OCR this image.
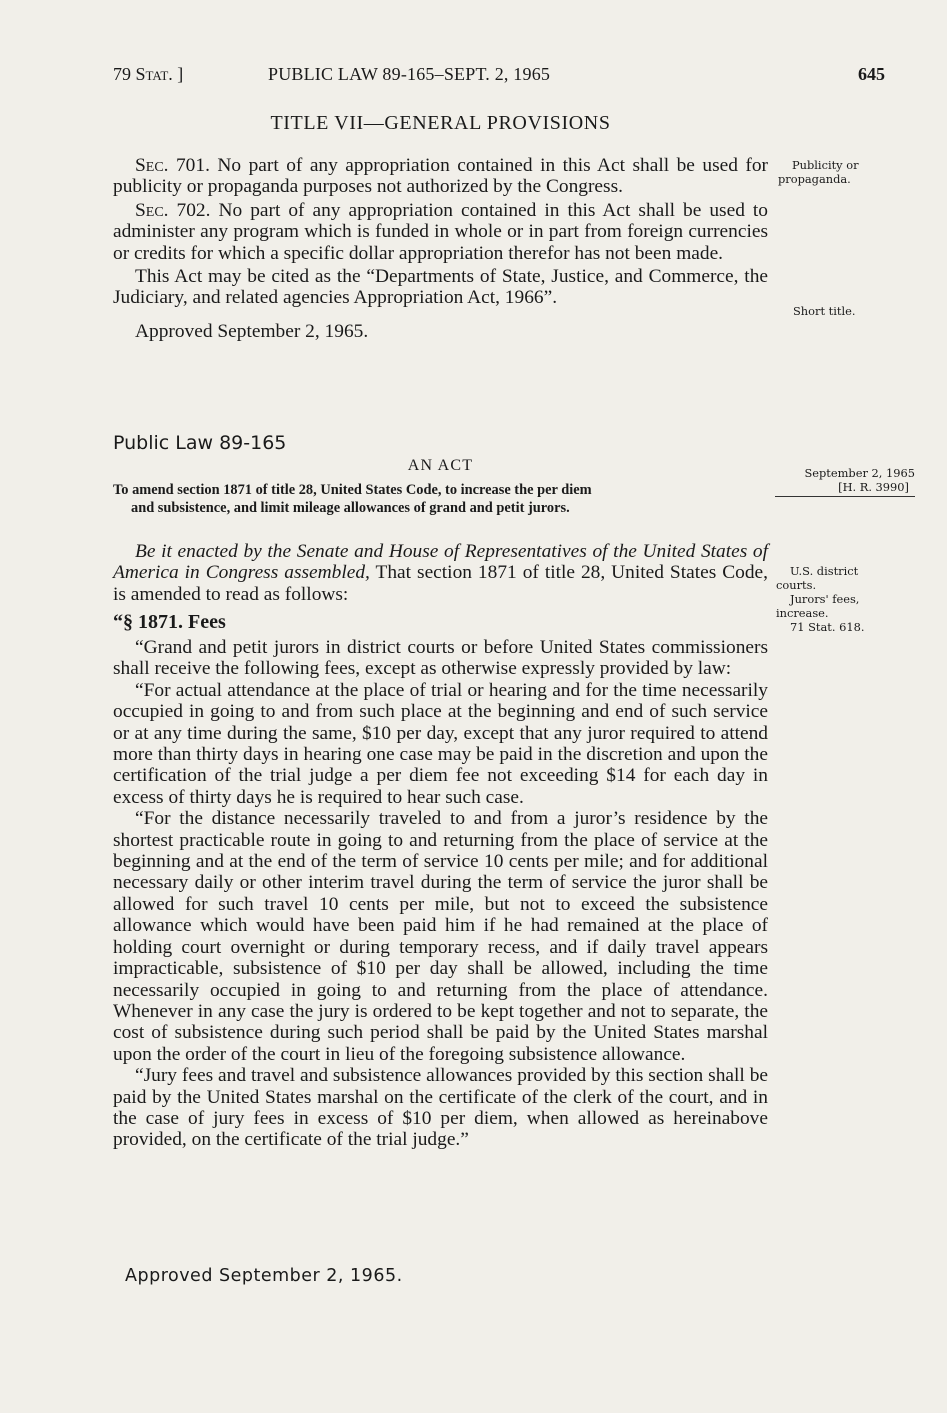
79 Stat. ]	PUBLIC LAW 89-165–SEPT. 2, 1965	645
TITLE VII—GENERAL PROVISIONS

Sec. 701. No part of any appropriation contained in this Act shall be used for publicity or propaganda purposes not authorized by the Congress.

Sec. 702. No part of any appropriation contained in this Act shall be used to administer any program which is funded in whole or in part from foreign currencies or credits for which a specific dollar appropriation therefor has not been made.

This Act may be cited as the “Departments of State, Justice, and Commerce, the Judiciary, and related agencies Appropriation Act, 1966”.

Approved September 2, 1965.

Public Law 89-165
AN ACT
To amend section 1871 of title 28, United States Code, to increase the per diem
and subsistence, and limit mileage allowances of grand and petit jurors.

Be it enacted by the Senate and House of Representatives of the United States of America in Congress assembled, That section 1871 of title 28, United States Code, is amended to read as follows:

“§ 1871. Fees

“Grand and petit jurors in district courts or before United States commissioners shall receive the following fees, except as otherwise expressly provided by law:

“For actual attendance at the place of trial or hearing and for the time necessarily occupied in going to and from such place at the beginning and end of such service or at any time during the same, $10 per day, except that any juror required to attend more than thirty days in hearing one case may be paid in the discretion and upon the certification of the trial judge a per diem fee not exceeding $14 for each day in excess of thirty days he is required to hear such case.

“For the distance necessarily traveled to and from a juror’s residence by the shortest practicable route in going to and returning from the place of service at the beginning and at the end of the term of service 10 cents per mile; and for additional necessary daily or other interim travel during the term of service the juror shall be allowed for such travel 10 cents per mile, but not to exceed the subsistence allowance which would have been paid him if he had remained at the place of holding court overnight or during temporary recess, and if daily travel appears impracticable, subsistence of $10 per day shall be allowed, including the time necessarily occupied in going to and returning from the place of attendance. Whenever in any case the jury is ordered to be kept together and not to separate, the cost of subsistence during such period shall be paid by the United States marshal upon the order of the court in lieu of the foregoing subsistence allowance.

“Jury fees and travel and subsistence allowances provided by this section shall be paid by the United States marshal on the certificate of the clerk of the court, and in the case of jury fees in excess of $10 per diem, when allowed as hereinabove provided, on the certificate of the trial judge.”

Approved September 2, 1965.
Publicity or
propaganda.
Short title.
September 2, 1965
[H. R. 3990]
U.S. district
courts.
Jurors' fees,
increase.
71 Stat. 618.
